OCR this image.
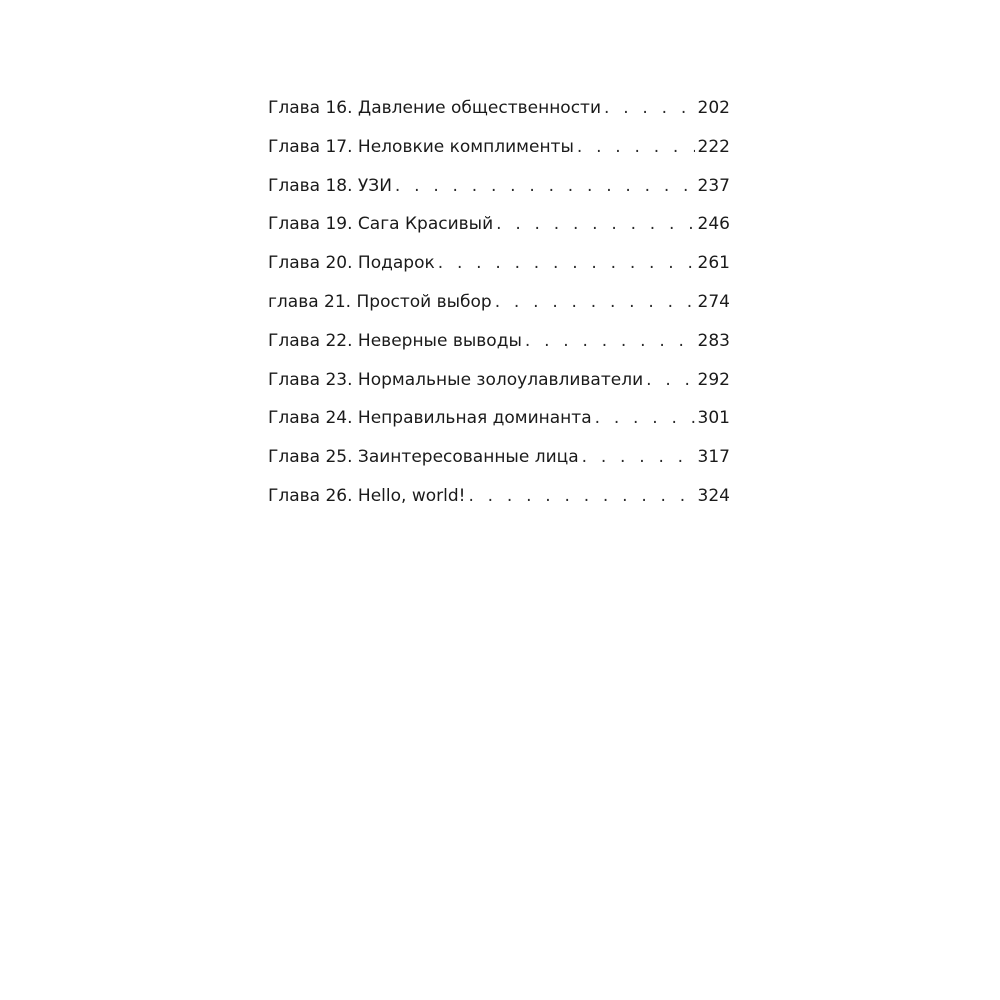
Глава 16. Давление общественности . . .	202
Глава 17. Неловкие комплименты . . .	222
Глава 18. УЗИ . . .	237
Глава 19. Сага Красивый . . .	246
Глава 20. Подарок . . .	261
глава 21. Простой выбор . . .	274
Глава 22. Неверные выводы . . .	283
Глава 23. Нормальные золоулавливатели . . .	292
Глава 24. Неправильная доминанта . . .	301
Глава 25. Заинтересованные лица . . .	317
Глава 26. Hello, world! . . .	324
